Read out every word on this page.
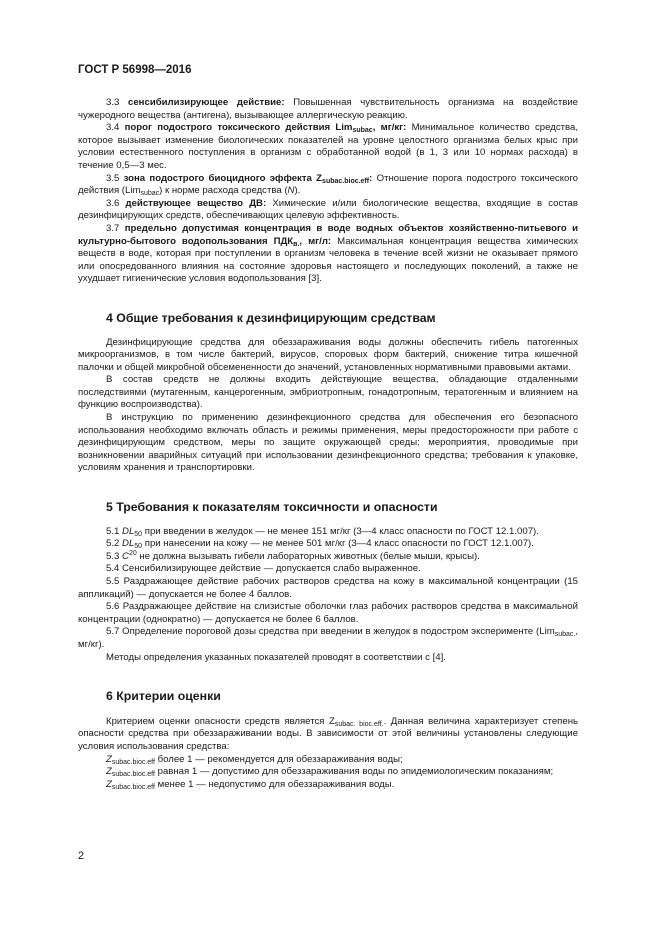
ГОСТ Р 56998—2016

3.3 сенсибилизирующее действие: Повышенная чувствительность организма на воздействие чужеродного вещества (антигена), вызывающее аллергическую реакцию.

3.4 порог подострого токсического действия Lim$_{subac}$, мг/кг: Минимальное количество средства, которое вызывает изменение биологических показателей на уровне целостного организма белых крыс при условии естественного поступления в организм с обработанной водой (в 1, 3 или 10 нормах расхода) в течение 0,5—3 мес.

3.5 зона подострого биоцидного эффекта $Z_{subac.bioc.eff}$: Отношение порога подострого токсического действия (Lim$_{subac}$) к норме расхода средства (N).

3.6 действующее вещество ДВ: Химические и/или биологические вещества, входящие в состав дезинфицирующих средств, обеспечивающих целевую эффективность.

3.7 предельно допустимая концентрация в воде водных объектов хозяйственно-питьевого и культурно-бытового водопользования $ПДК_{в.}$, мг/л: Максимальная концентрация вещества химических веществ в воде, которая при поступлении в организм человека в течение всей жизни не оказывает прямого или опосредованного влияния на состояние здоровья настоящего и последующих поколений, а также не ухудшает гигиенические условия водопользования [3].

4 Общие требования к дезинфицирующим средствам

Дезинфицирующие средства для обеззараживания воды должны обеспечить гибель патогенных микроорганизмов, в том числе бактерий, вирусов, споровых форм бактерий, снижение титра кишечной палочки и общей микробной обсемененности до значений, установленных нормативными правовыми актами.

В состав средств не должны входить действующие вещества, обладающие отдаленными последствиями (мутагенным, канцерогенным, эмбриотропным, гонадотропным, тератогенным и влиянием на функцию воспроизводства).

В инструкцию по применению дезинфекционного средства для обеспечения его безопасного использования необходимо включать область и режимы применения, меры предосторожности при работе с дезинфицирующим средством, меры по защите окружающей среды; мероприятия, проводимые при возникновении аварийных ситуаций при использовании дезинфекционного средства; требования к упаковке, условиям хранения и транспортировки.

5 Требования к показателям токсичности и опасности

5.1 $DL_{50}$ при введении в желудок — не менее 151 мг/кг (3—4 класс опасности по ГОСТ 12.1.007).

5.2 $DL_{50}$ при нанесении на кожу — не менее 501 мг/кг (3—4 класс опасности по ГОСТ 12.1.007).

5.3 $C^{20}$ не должна вызывать гибели лабораторных животных (белые мыши, крысы).

5.4 Сенсибилизирующее действие — допускается слабо выраженное.

5.5 Раздражающее действие рабочих растворов средства на кожу в максимальной концентрации (15 аппликаций) — допускается не более 4 баллов.

5.6 Раздражающее действие на слизистые оболочки глаз рабочих растворов средства в максимальной концентрации (однократно) — допускается не более 6 баллов.

5.7 Определение пороговой дозы средства при введении в желудок в подостром эксперименте (Lim$_{subac.}$, мг/кг).

Методы определения указанных показателей проводят в соответствии с [4].

6 Критерии оценки

Критерием оценки опасности средств является $Z_{subac. bioc.eff.}$. Данная величина характеризует степень опасности средства при обеззараживании воды. В зависимости от этой величины установлены следующие условия использования средства:

$Z_{subac.bioc.eff}$ более 1 — рекомендуется для обеззараживания воды;

$Z_{subac.bioc.eff}$ равная 1 — допустимо для обеззараживания воды по эпидемиологическим показаниям;

$Z_{subac.bioc.eff}$ менее 1 — недопустимо для обеззараживания воды.

2
